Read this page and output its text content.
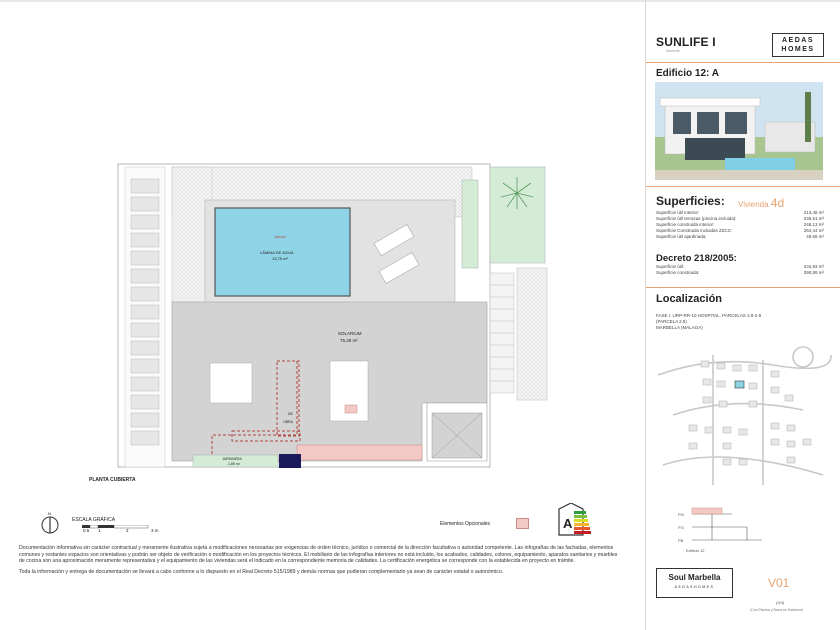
Jacuzzi
LÁMINA DE AGUA
13,75 m²
SOLARIUM
75,28 m²
DE
OBRA
JARDINERA
1,85 m²
PLANTA CUBIERTA
N
ESCALA GRÁFICA
0.5 1	2	3 m
Elementos Opcionales	A

Documentación informativa sin carácter contractual y meramente ilustrativa sujeta a modificaciones necesarias por exigencias de orden técnico, jurídico o comercial de la dirección facultativa o autoridad competente. Las infografías de las fachadas, elementos comunes y restantes espacios son orientativas y podrán ser objeto de verificación o modificación en los proyectos técnicos. El mobiliario de las infografías interiores no está incluido, los acabados, calidades, colores, equipamiento, aparatos sanitarios y muebles de cocina son una aproximación meramente representativa y el equipamiento de las viviendas será el indicado en la correspondiente memoria de calidades. La certificación energética se corresponde con la establecida en proyecto en trámite.

Toda la información y entrega de documentación se llevará a cabo conforme a lo dispuesto en el Real Decreto 515/1989 y demás normas que pudieran complementarlo ya sean de carácter estatal o autonómico.

SUNLIFE I
Marbella
AEDAS
HOMES
Edificio 12: A
Superficies: Vivienda 4d
Superficie útil interior:	213,48 m²
Superficie útil terrazas (piscina incluida):	235,51 m²
Superficie construida interior:	248,13 m²
Superficie Construida incluidas ZZCC:	264,44 m²
Superficie útil ajardinada:	49,68 m²
Decreto 218/2005:
Superficie útil:	234,83 m²
Superficie construida:	290,89 m²
Localización
FASE I. URP-RR-10 HOSPITAL. PARCELAS 2.8-2.9
(PARCELA 2.8)
MARBELLA (MÁLAGA)
P.B
P.S
PB
Edificio 12
Soul Marbella
AEDASHOMES	V01
(3/3)
(Con Piscina y Barra en Solarium)
